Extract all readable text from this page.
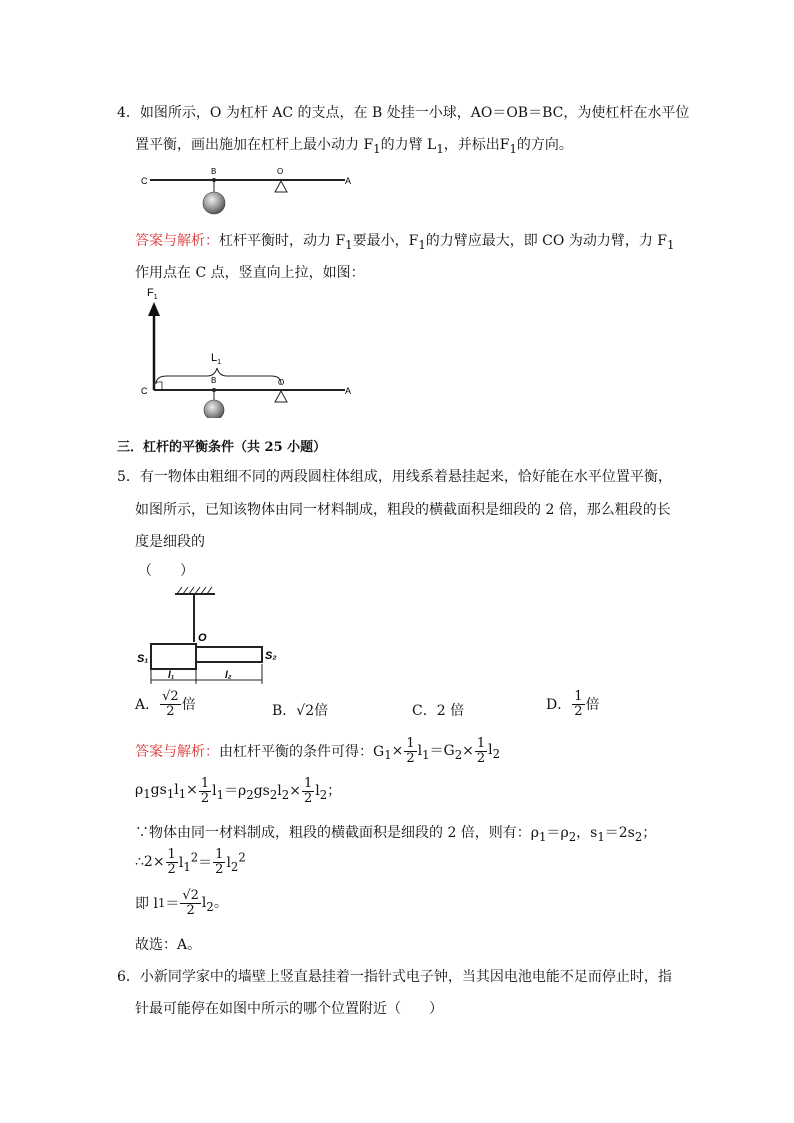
4．如图所示，O 为杠杆 AC 的支点，在 B 处挂一小球，AO＝OB＝BC，为使杠杆在水平位
置平衡，画出施加在杠杆上最小动力 $F_1$的力臂 $L_1$，并标出$F_1$的方向。
C	A
B	O
答案与解析：杠杆平衡时，动力 $F_1$要最小，$F_1$的力臂应最大，即 CO 为动力臂，力 $F_1$
作用点在 C 点，竖直向上拉，如图：
$F_1$
C	A
$L_1$
B	O
三．杠杆的平衡条件（共 25 小题）
5．有一物体由粗细不同的两段圆柱体组成，用线系着悬挂起来，恰好能在水平位置平衡，
如图所示，已知该物体由同一材料制成，粗段的横截面积是细段的 2 倍，那么粗段的长
度是细段的
（　　）
O
S₁	S₂
l₁	l₂
A． $\frac{√2}{2}$ 倍	B．√2倍	C．2 倍	D． $\frac{1}{2}$ 倍
答案与解析：由杠杆平衡的条件可得：$G_1\times \frac{1}{2} l_1=G_2\times \frac{1}{2} l_2$
$\rho_1gs_1l_1\times \frac{1}{2} l_1=\rho_2gs_2l_2\times \frac{1}{2} l_2$；
∵物体由同一材料制成，粗段的横截面积是细段的 2 倍，则有：$\rho_1=\rho_2$，$s_1=2s_2$；
∴2× $\frac{1}{2} l_1^2= \frac{1}{2} l_2^2$
即 $l1= \frac{√2}{2} l_2$。
故选：A。
6．小新同学家中的墙壁上竖直悬挂着一指针式电子钟，当其因电池电能不足而停止时，指
针最可能停在如图中所示的哪个位置附近（　　）
